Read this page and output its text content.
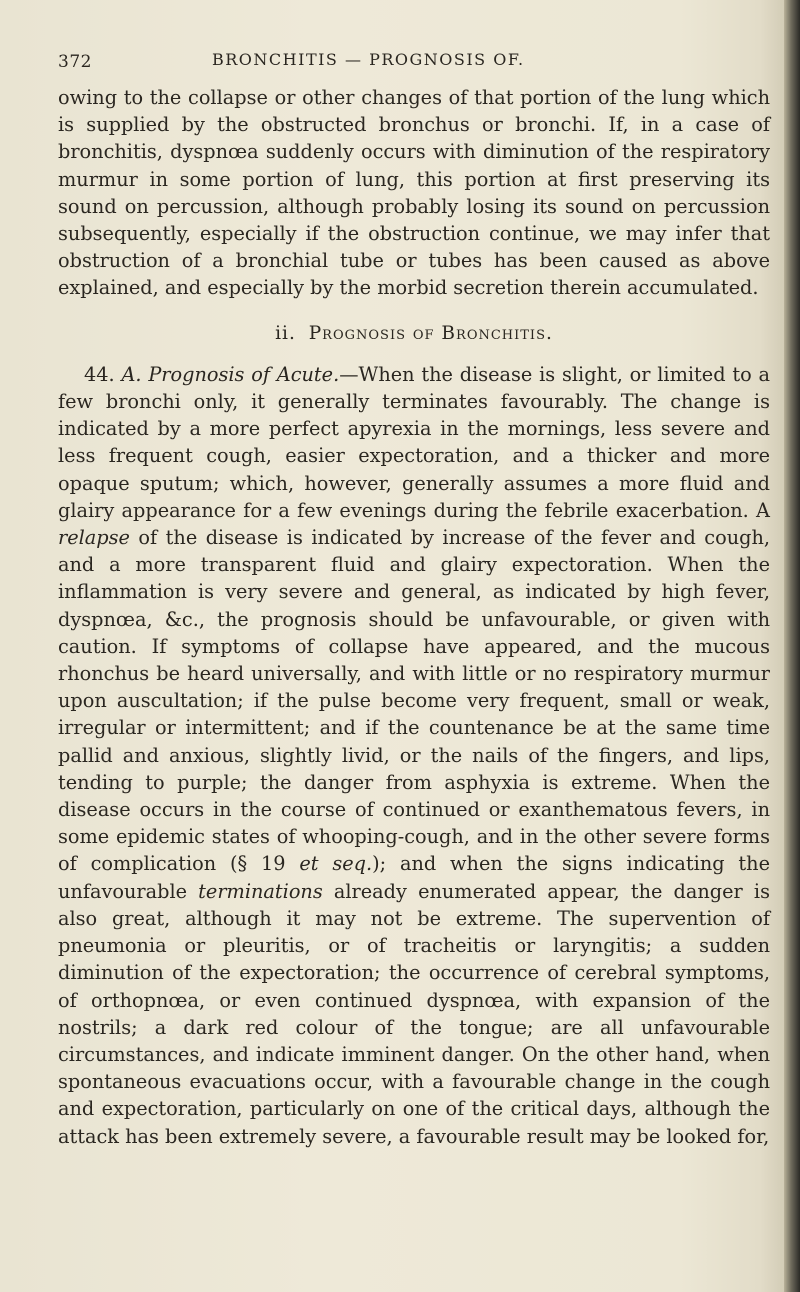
372	BRONCHITIS — PROGNOSIS OF.

owing to the collapse or other changes of that portion of the lung which is supplied by the obstructed bronchus or bronchi. If, in a case of bronchitis, dyspnœa suddenly occurs with diminution of the respiratory murmur in some portion of lung, this portion at first preserving its sound on percussion, although probably losing its sound on percussion subsequently, especially if the obstruction continue, we may infer that obstruction of a bronchial tube or tubes has been caused as above explained, and especially by the morbid secretion therein accumulated.

ii. Prognosis of Bronchitis.

44. A. Prognosis of Acute.—When the disease is slight, or limited to a few bronchi only, it generally terminates favourably. The change is indicated by a more perfect apyrexia in the mornings, less severe and less frequent cough, easier expectoration, and a thicker and more opaque sputum; which, however, generally assumes a more fluid and glairy appearance for a few evenings during the febrile exacerbation. A relapse of the disease is indicated by increase of the fever and cough, and a more transparent fluid and glairy expectoration. When the inflammation is very severe and general, as indicated by high fever, dyspnœa, &c., the prognosis should be unfavourable, or given with caution. If symptoms of collapse have appeared, and the mucous rhonchus be heard universally, and with little or no respiratory murmur upon auscultation; if the pulse become very frequent, small or weak, irregular or intermittent; and if the countenance be at the same time pallid and anxious, slightly livid, or the nails of the fingers, and lips, tending to purple; the danger from asphyxia is extreme. When the disease occurs in the course of continued or exanthematous fevers, in some epidemic states of whooping-cough, and in the other severe forms of complication (§ 19 et seq.); and when the signs indicating the unfavourable terminations already enumerated appear, the danger is also great, although it may not be extreme. The supervention of pneumonia or pleuritis, or of tracheitis or laryngitis; a sudden diminution of the expectoration; the occurrence of cerebral symptoms, of orthopnœa, or even continued dyspnœa, with expansion of the nostrils; a dark red colour of the tongue; are all unfavourable circumstances, and indicate imminent danger. On the other hand, when spontaneous evacuations occur, with a favourable change in the cough and expectoration, particularly on one of the critical days, although the attack has been extremely severe, a favourable result may be looked for,
